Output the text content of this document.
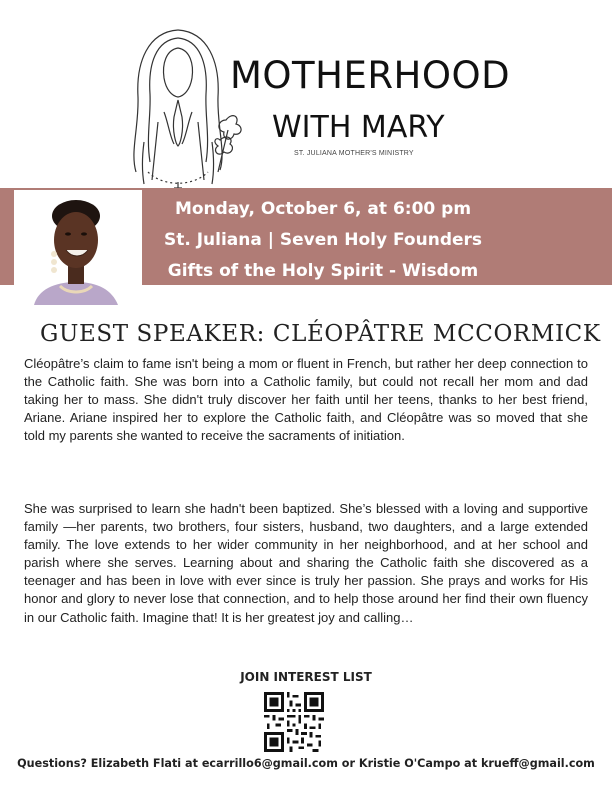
MOTHERHOOD
WITH MARY
ST. JULIANA MOTHER'S MINISTRY
Monday, October 6, at 6:00 pm
St. Juliana | Seven Holy Founders
Gifts of the Holy Spirit - Wisdom
GUEST SPEAKER: CLÉOPÂTRE MCCORMICK

Cléopâtre’s claim to fame isn't being a mom or fluent in French, but rather her deep connection to the Catholic faith. She was born into a Catholic family, but could not recall her mom and dad taking her to mass. She didn't truly discover her faith until her teens, thanks to her best friend, Ariane. Ariane inspired her to explore the Catholic faith, and Cléopâtre was so moved that she told my parents she wanted to receive the sacraments of initiation.

She was surprised to learn she hadn't been baptized. She’s blessed with a loving and supportive family —her parents, two brothers, four sisters, husband, two daughters, and a large extended family. The love extends to her wider community in her neighborhood, and at her school and parish where she serves. Learning about and sharing the Catholic faith she discovered as a teenager and has been in love with ever since is truly her passion. She prays and works for His honor and glory to never lose that connection, and to help those around her find their own fluency in our Catholic faith. Imagine that! It is her greatest joy and calling…

JOIN INTEREST LIST
Questions? Elizabeth Flati at ecarrillo6@gmail.com or Kristie O'Campo at krueff@gmail.com
